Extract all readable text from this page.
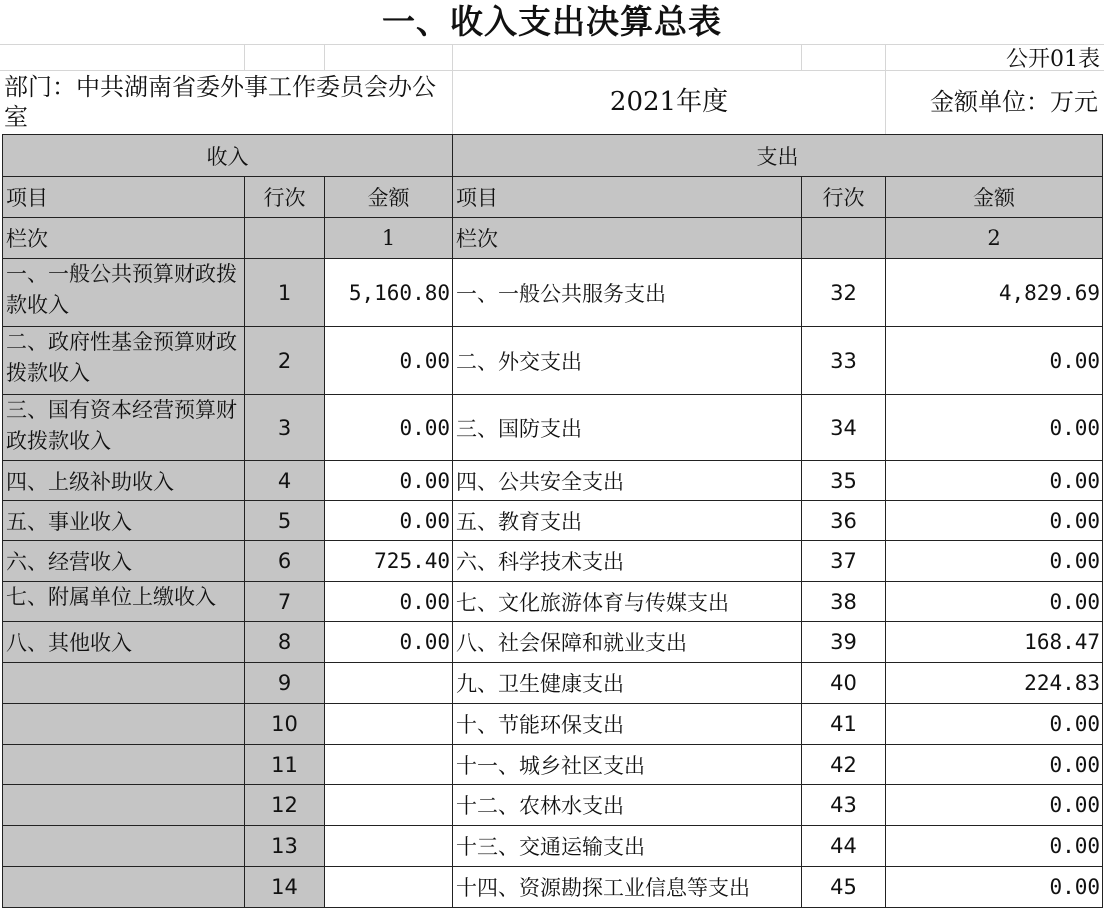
一、收入支出决算总表
公开01表
部门：中共湖南省委外事工作委员会办公室	2021年度	金额单位：万元
收入			支出		
项目	行次	金额	项目	行次	金额
栏次		1	栏次		2
一、一般公共预算财政拨款收入	1	5,160.80	一、一般公共服务支出	32	4,829.69
二、政府性基金预算财政拨款收入	2	0.00	二、外交支出	33	0.00
三、国有资本经营预算财政拨款收入	3	0.00	三、国防支出	34	0.00
四、上级补助收入	4	0.00	四、公共安全支出	35	0.00
五、事业收入	5	0.00	五、教育支出	36	0.00
六、经营收入	6	725.40	六、科学技术支出	37	0.00
七、附属单位上缴收入	7	0.00	七、文化旅游体育与传媒支出	38	0.00
八、其他收入	8	0.00	八、社会保障和就业支出	39	168.47
	9		九、卫生健康支出	40	224.83
	10		十、节能环保支出	41	0.00
	11		十一、城乡社区支出	42	0.00
	12		十二、农林水支出	43	0.00
	13		十三、交通运输支出	44	0.00
	14		十四、资源勘探工业信息等支出	45	0.00
